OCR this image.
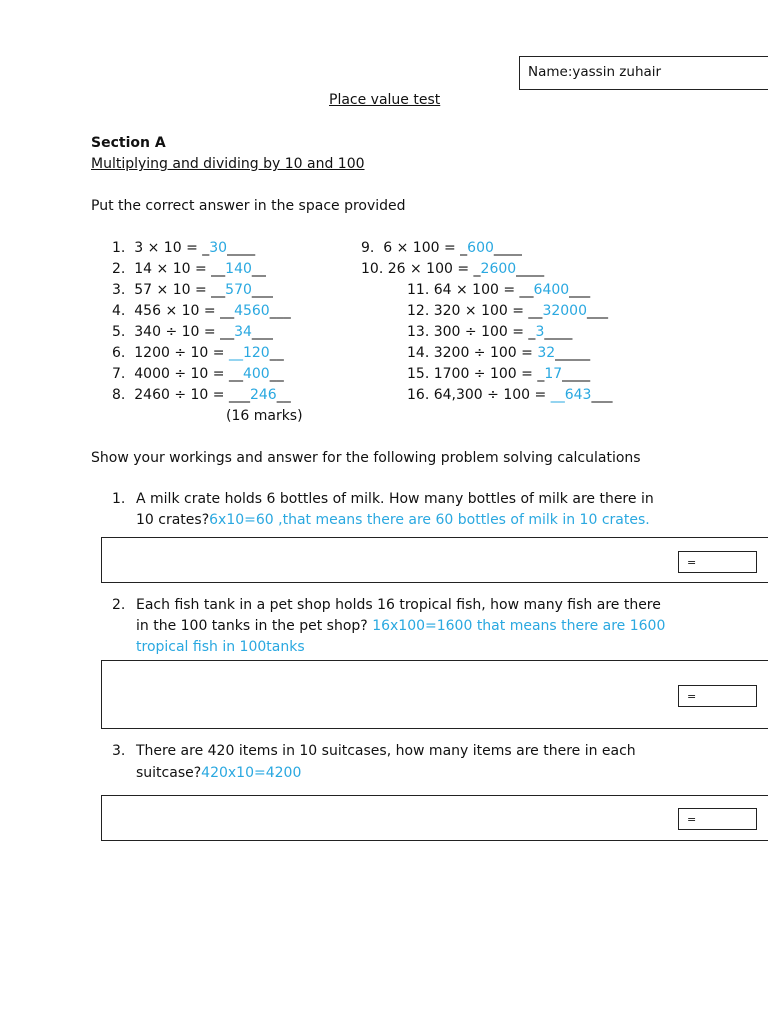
Name:yassin zuhair
Place value test
Section A
Multiplying and dividing by 10 and 100
Put the correct answer in the space provided
1. 3 × 10 = _30____
2. 14 × 10 = __140__
3. 57 × 10 = __570___
4. 456 × 10 = __4560___
5. 340 ÷ 10 = __34___
6. 1200 ÷ 10 = __120__
7. 4000 ÷ 10 = __400__
8. 2460 ÷ 10 = ___246__
(16 marks)
9. 6 × 100 = _600____
10. 26 × 100 = _2600____
11. 64 × 100 = __6400___
12. 320 × 100 = __32000___
13. 300 ÷ 100 = _3____
14. 3200 ÷ 100 = 32_____
15. 1700 ÷ 100 = _17____
16. 64,300 ÷ 100 = __643___
Show your workings and answer for the following problem solving calculations
1. A milk crate holds 6 bottles of milk. How many bottles of milk are there in
10 crates?6x10=60 ,that means there are 60 bottles of milk in 10 crates.
=
2. Each fish tank in a pet shop holds 16 tropical fish, how many fish are there
in the 100 tanks in the pet shop? 16x100=1600 that means there are 1600
tropical fish in 100tanks
=
3. There are 420 items in 10 suitcases, how many items are there in each
suitcase?420x10=4200
=
